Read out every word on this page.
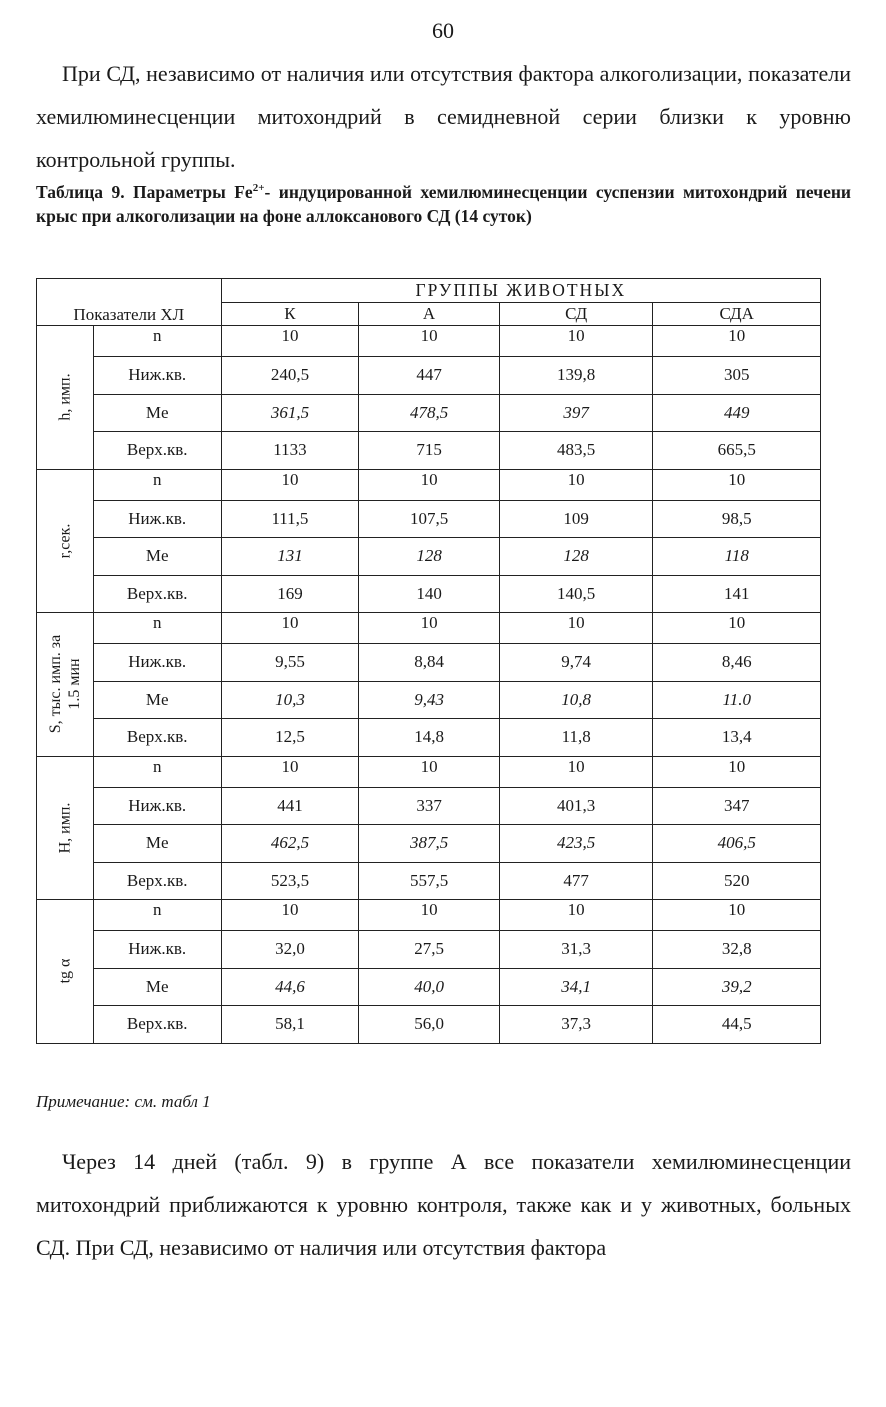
60

При СД, независимо от наличия или отсутствия фактора алкоголизации, показатели хемилюминесценции митохондрий в семидневной серии близки к уровню контрольной группы.

Таблица 9. Параметры $Fe^{2+}-$ индуцированной хемилюминесценции суспензии митохондрий печени крыс при алкоголизации на фоне аллоксанового СД (14 суток)
Показатели ХЛ		ГРУППЫ ЖИВОТНЫХ			
		К	А	СД	СДА

h, имп.	n	10	10	10	10
	Ниж.кв.	240,5	447	139,8	305
	Me	361,5	478,5	397	449
	Верх.кв.	1133	715	483,5	665,5

r,сек.	n	10	10	10	10
	Ниж.кв.	111,5	107,5	109	98,5
	Me	131	128	128	118
	Верх.кв.	169	140	140,5	141

S, тыс. имп. за 1.5 мин	n	10	10	10	10
	Ниж.кв.	9,55	8,84	9,74	8,46
	Me	10,3	9,43	10,8	11.0
	Верх.кв.	12,5	14,8	11,8	13,4

H, имп.	n	10	10	10	10
	Ниж.кв.	441	337	401,3	347
	Me	462,5	387,5	423,5	406,5
	Верх.кв.	523,5	557,5	477	520

tg α	n	10	10	10	10
	Ниж.кв.	32,0	27,5	31,3	32,8
	Me	44,6	40,0	34,1	39,2
	Верх.кв.	58,1	56,0	37,3	44,5
Примечание: см. табл 1

Через 14 дней (табл. 9) в группе А все показатели хемилюминесценции митохондрий приближаются к уровню контроля, также как и у животных, больных СД. При СД, независимо от наличия или отсутствия фактора
